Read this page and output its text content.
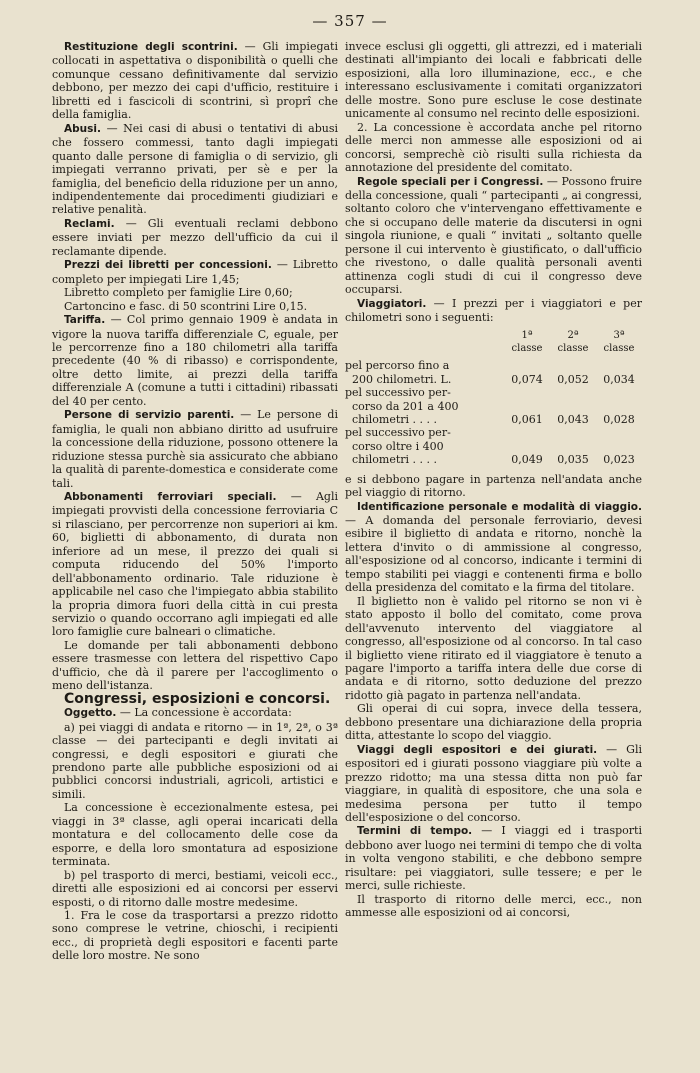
— 357 —

Restituzione degli scontrini. — Gli impiegati collocati in aspettativa o disponibilità o quelli che comunque cessano definitivamente dal servizio debbono, per mezzo dei capi d'ufficio, restituire i libretti ed i fascicoli di scontrini, sì proprî che della famiglia.

Abusi. — Nei casi di abusi o tentativi di abusi che fossero commessi, tanto dagli impiegati quanto dalle persone di famiglia o di servizio, gli impiegati verranno privati, per sè e per la famiglia, del beneficio della riduzione per un anno, indipendentemente dai procedimenti giudiziari e relative penalità.

Reclami. — Gli eventuali reclami debbono essere inviati per mezzo dell'ufficio da cui il reclamante dipende.

Prezzi dei libretti per concessioni. — Libretto completo per impiegati Lire 1,45;

Libretto completo per famiglie Lire 0,60;

Cartoncino e fasc. di 50 scontrini Lire 0,15.

Tariffa. — Col primo gennaio 1909 è andata in vigore la nuova tariffa differenziale C, eguale, per le percorrenze fino a 180 chilometri alla tariffa precedente (40 % di ribasso) e corrispondente, oltre detto limite, ai prezzi della tariffa differenziale A (comune a tutti i cittadini) ribassati del 40 per cento.

Persone di servizio parenti. — Le persone di famiglia, le quali non abbiano diritto ad usufruire la concessione della riduzione, possono ottenere la riduzione stessa purchè sia assicurato che abbiano la qualità di parente-domestica e considerate come tali.

Abbonamenti ferroviari speciali. — Agli impiegati provvisti della concessione ferroviaria C si rilasciano, per percorrenze non superiori ai km. 60, biglietti di abbonamento, di durata non inferiore ad un mese, il prezzo dei quali si computa riducendo del 50% l'importo dell'abbonamento ordinario. Tale riduzione è applicabile nel caso che l'impiegato abbia stabilito la propria dimora fuori della città in cui presta servizio o quando occorrano agli impiegati ed alle loro famiglie cure balneari o climatiche.

Le domande per tali abbonamenti debbono essere trasmesse con lettera del rispettivo Capo d'ufficio, che dà il parere per l'accoglimento o meno dell'istanza.

Congressi, esposizioni e concorsi.

Oggetto. — La concessione è accordata:

a) pei viaggi di andata e ritorno — in 1ª, 2ª, o 3ª classe — dei partecipanti e degli invitati ai congressi, e degli espositori e giurati che prendono parte alle pubbliche esposizioni od ai pubblici concorsi industriali, agricoli, artistici e simili.

La concessione è eccezionalmente estesa, pei viaggi in 3ª classe, agli operai incaricati della montatura e del collocamento delle cose da esporre, e della loro smontatura ad esposizione terminata.

b) pel trasporto di merci, bestiami, veicoli ecc., diretti alle esposizioni ed ai concorsi per esservi esposti, o di ritorno dalle mostre medesime.

1. Fra le cose da trasportarsi a prezzo ridotto sono comprese le vetrine, chioschi, i recipienti ecc., di proprietà degli espositori e facenti parte delle loro mostre. Ne sono

invece esclusi gli oggetti, gli attrezzi, ed i materiali destinati all'impianto dei locali e fabbricati delle esposizioni, alla loro illuminazione, ecc., e che interessano esclusivamente i comitati organizzatori delle mostre. Sono pure escluse le cose destinate unicamente al consumo nel recinto delle esposizioni.

2. La concessione è accordata anche pel ritorno delle merci non ammesse alle esposizioni od ai concorsi, semprechè ciò risulti sulla richiesta da annotazione del presidente del comitato.

Regole speciali per i Congressi. — Possono fruire della concessione, quali “ partecipanti „ ai congressi, soltanto coloro che v'intervengano effettivamente e che si occupano delle materie da discutersi in ogni singola riunione, e quali “ invitati „ soltanto quelle persone il cui intervento è giustificato, o dall'ufficio che rivestono, o dalle qualità personali aventi attinenza cogli studi di cui il congresso deve occuparsi.

Viaggiatori. — I prezzi per i viaggiatori e per chilometri sono i seguenti:

	1ª classe	2ª classe	3ª classe
pel percorso fino a
200 chilometri. L.	0,074	0,052	0,034
pel successivo per-
corso da 201 a 400
chilometri . . . .	0,061	0,043	0,028
pel successivo per-
corso oltre i 400
chilometri . . . .	0,049	0,035	0,023

e si debbono pagare in partenza nell'andata anche pel viaggio di ritorno.

Identificazione personale e modalità di viaggio. — A domanda del personale ferroviario, devesi esibire il biglietto di andata e ritorno, nonchè la lettera d'invito o di ammissione al congresso, all'esposizione od al concorso, indicante i termini di tempo stabiliti pei viaggi e contenenti firma e bollo della presidenza del comitato e la firma del titolare.

Il biglietto non è valido pel ritorno se non vi è stato apposto il bollo del comitato, come prova dell'avvenuto intervento del viaggiatore al congresso, all'esposizione od al concorso. In tal caso il biglietto viene ritirato ed il viaggiatore è tenuto a pagare l'importo a tariffa intera delle due corse di andata e di ritorno, sotto deduzione del prezzo ridotto già pagato in partenza nell'andata.

Gli operai di cui sopra, invece della tessera, debbono presentare una dichiarazione della propria ditta, attestante lo scopo del viaggio.

Viaggi degli espositori e dei giurati. — Gli espositori ed i giurati possono viaggiare più volte a prezzo ridotto; ma una stessa ditta non può far viaggiare, in qualità di espositore, che una sola e medesima persona per tutto il tempo dell'esposizione o del concorso.

Termini di tempo. — I viaggi ed i trasporti debbono aver luogo nei termini di tempo che di volta in volta vengono stabiliti, e che debbono sempre risultare: pei viaggiatori, sulle tessere; e per le merci, sulle richieste.

Il trasporto di ritorno delle merci, ecc., non ammesse alle esposizioni od ai concorsi,
